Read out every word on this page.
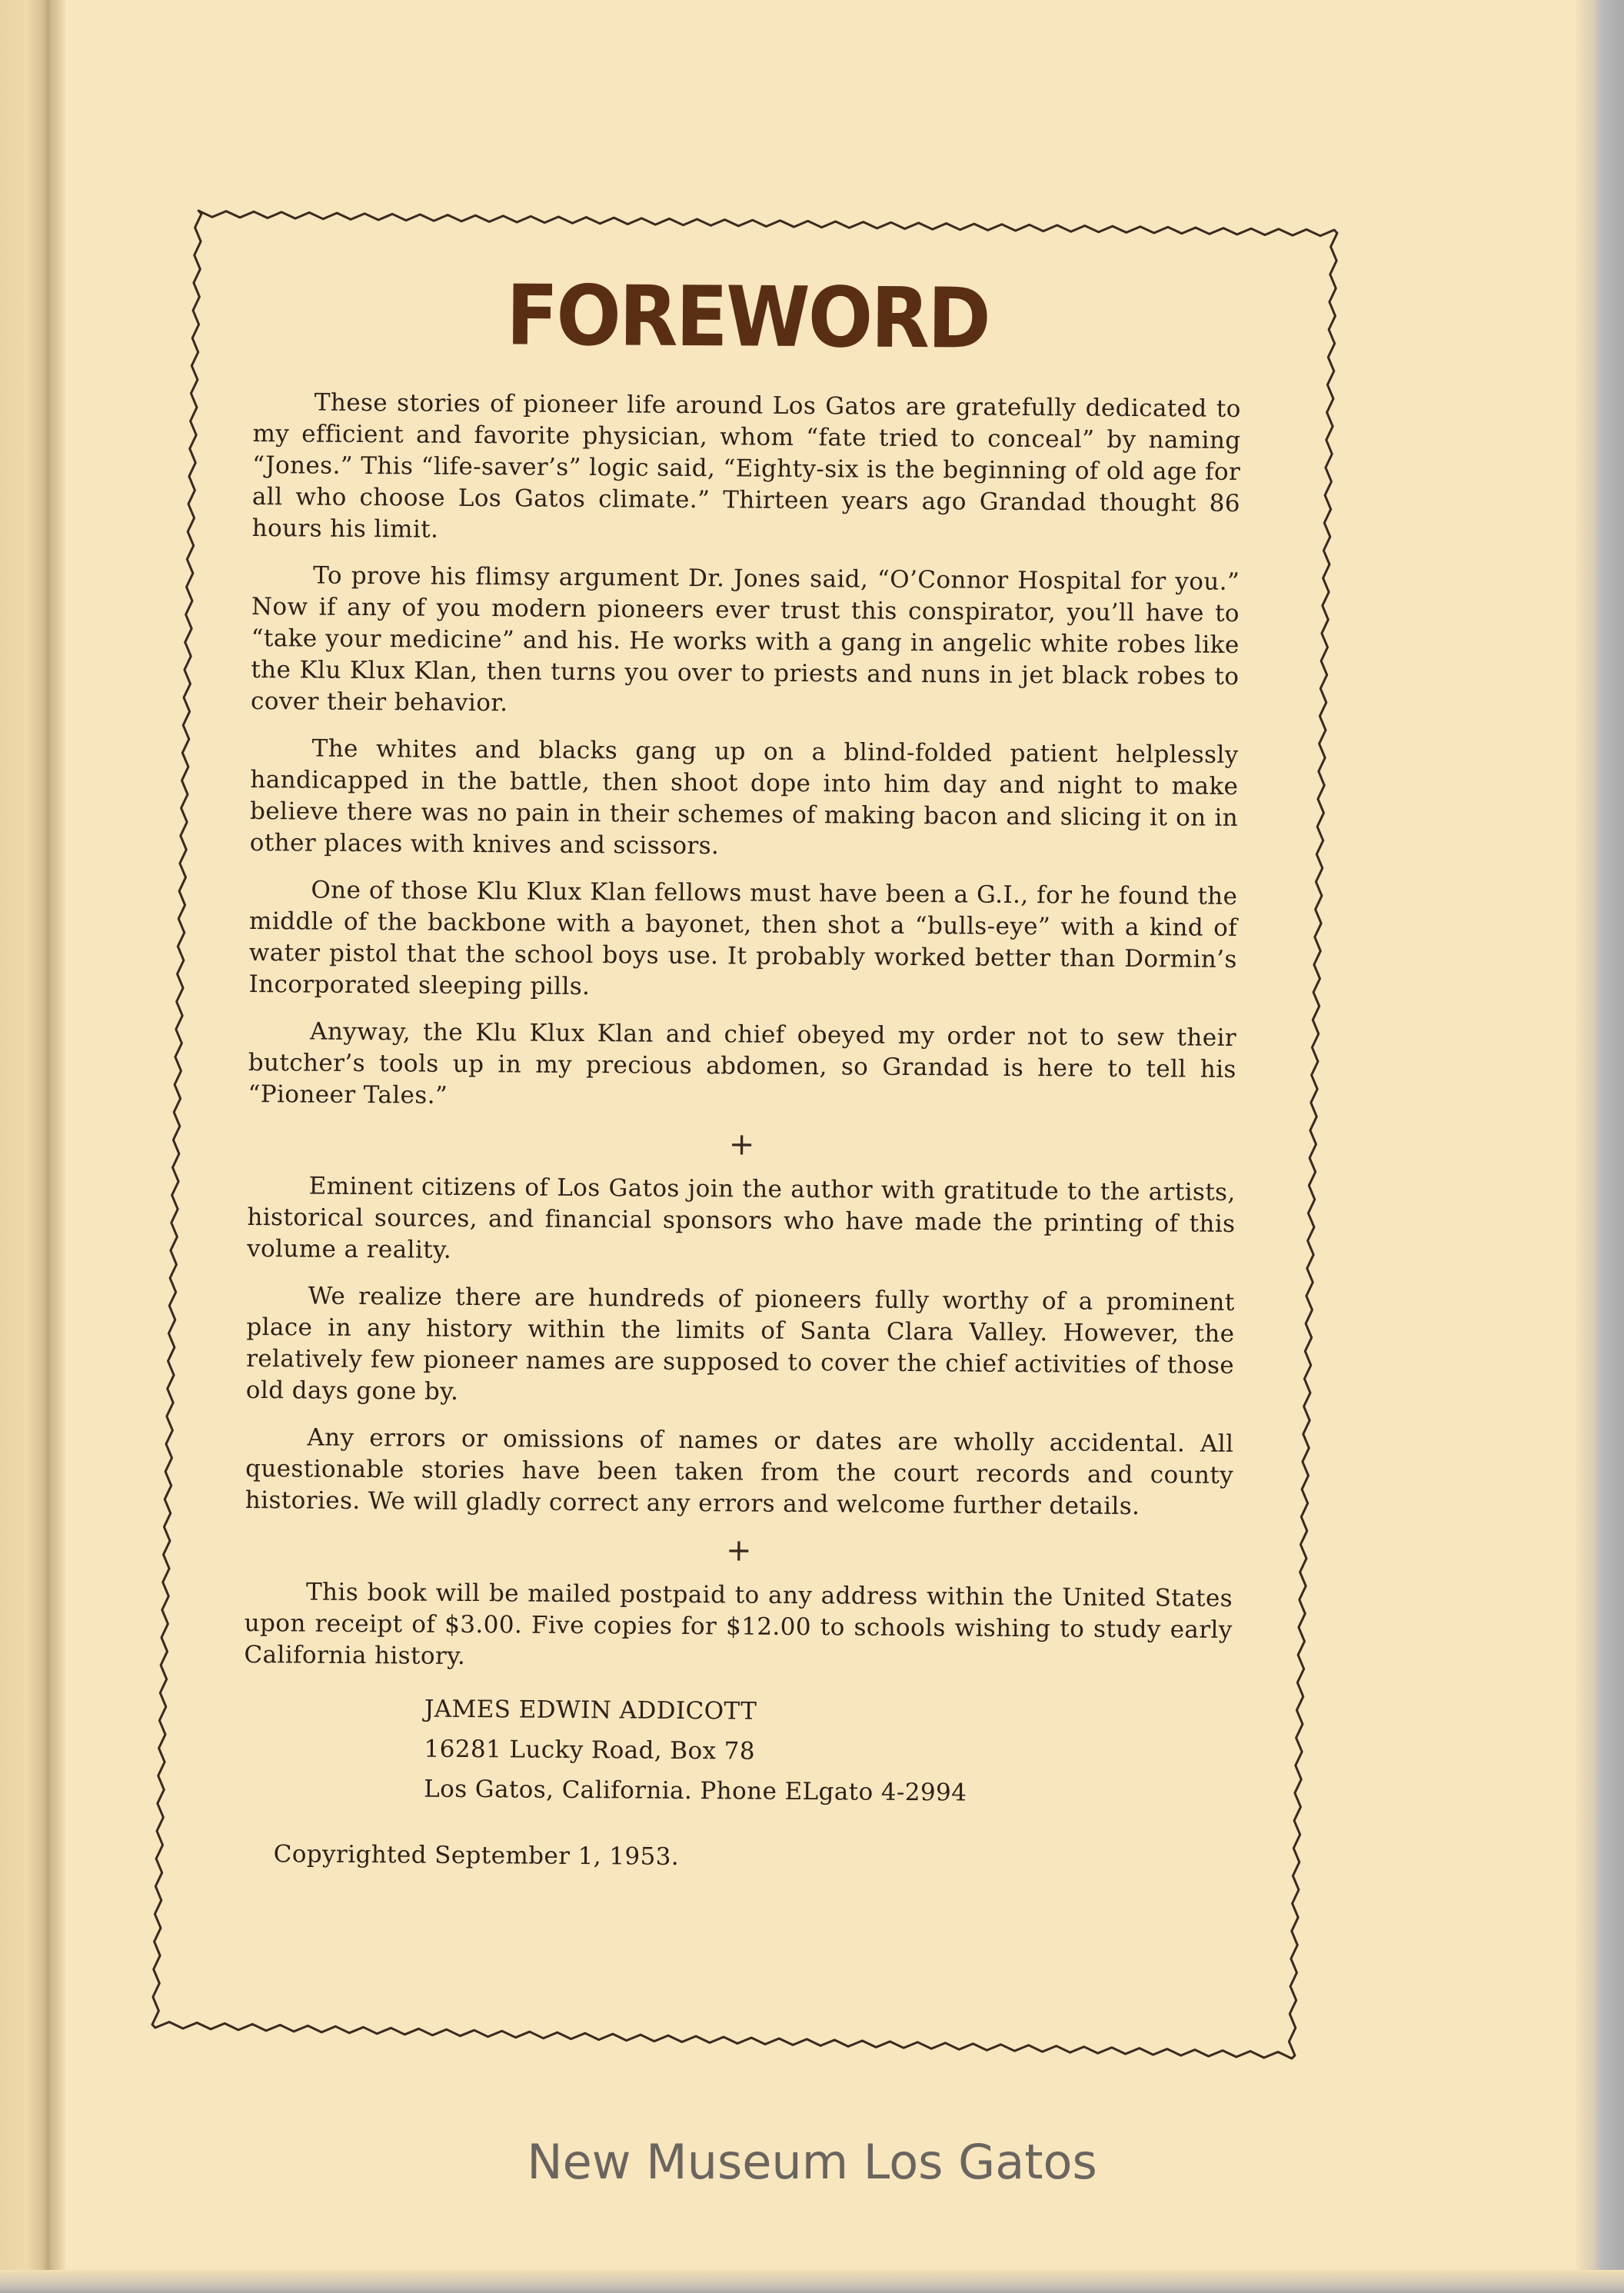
FOREWORD

These stories of pioneer life around Los Gatos are gratefully dedicated to my efficient and favorite physician, whom “fate tried to conceal” by naming “Jones.” This “life-saver’s” logic said, “Eighty-six is the beginning of old age for all who choose Los Gatos climate.” Thirteen years ago Grandad thought 86 hours his limit.

To prove his flimsy argument Dr. Jones said, “O’Connor Hospital for you.” Now if any of you modern pioneers ever trust this conspirator, you’ll have to “take your medicine” and his. He works with a gang in angelic white robes like the Klu Klux Klan, then turns you over to priests and nuns in jet black robes to cover their behavior.

The whites and blacks gang up on a blind-folded patient helplessly handicapped in the battle, then shoot dope into him day and night to make believe there was no pain in their schemes of making bacon and slicing it on in other places with knives and scissors.

One of those Klu Klux Klan fellows must have been a G.I., for he found the middle of the backbone with a bayonet, then shot a “bulls-eye” with a kind of water pistol that the school boys use. It probably worked better than Dormin’s Incorporated sleeping pills.

Anyway, the Klu Klux Klan and chief obeyed my order not to sew their butcher’s tools up in my precious abdomen, so Grandad is here to tell his “Pioneer Tales.”

+

Eminent citizens of Los Gatos join the author with gratitude to the artists, historical sources, and financial sponsors who have made the printing of this volume a reality.

We realize there are hundreds of pioneers fully worthy of a prominent place in any history within the limits of Santa Clara Valley. However, the relatively few pioneer names are supposed to cover the chief activities of those old days gone by.

Any errors or omissions of names or dates are wholly accidental. All questionable stories have been taken from the court records and county histories. We will gladly correct any errors and welcome further details.

+

This book will be mailed postpaid to any address within the United States upon receipt of $3.00. Five copies for $12.00 to schools wishing to study early California history.

JAMES EDWIN ADDICOTT
16281 Lucky Road, Box 78
Los Gatos, California. Phone ELgato 4-2994
Copyrighted September 1, 1953.
New Museum Los Gatos
